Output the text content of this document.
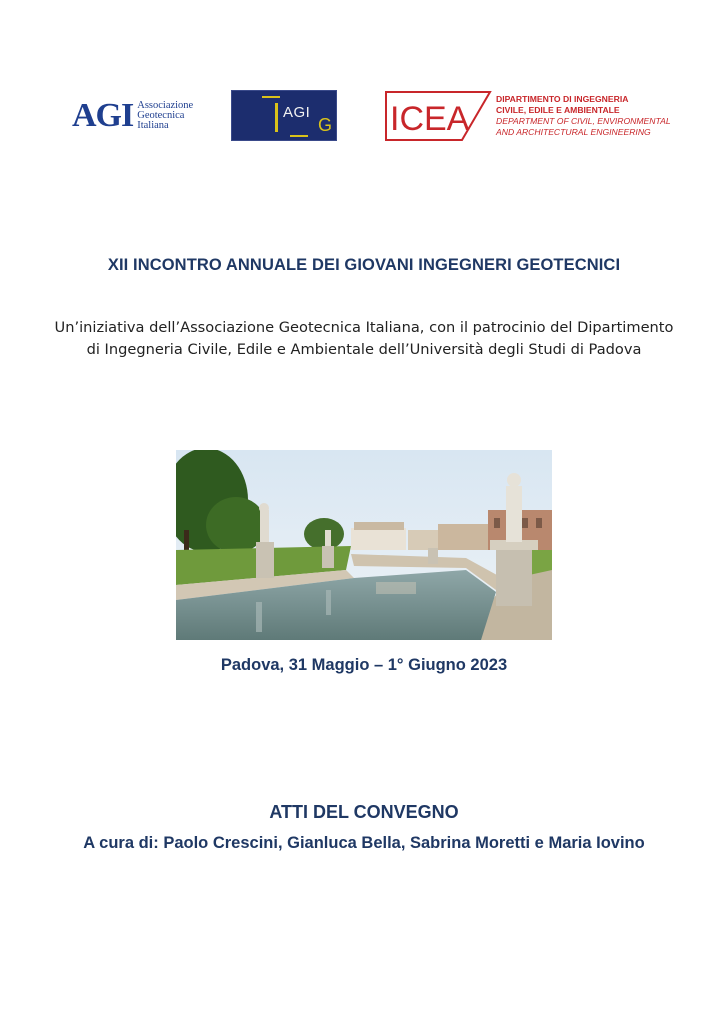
AGI Associazione
Geotecnica
Italiana
AGI
G ICEA
DIPARTIMENTO DI INGEGNERIA
CIVILE, EDILE E AMBIENTALE
DEPARTMENT OF CIVIL, ENVIRONMENTAL
AND ARCHITECTURAL ENGINEERING
XII INCONTRO ANNUALE DEI GIOVANI INGEGNERI GEOTECNICI
Un’iniziativa dell’Associazione Geotecnica Italiana, con il patrocinio del Dipartimento
di Ingegneria Civile, Edile e Ambientale dell’Università degli Studi di Padova
Padova, 31 Maggio – 1° Giugno 2023
ATTI DEL CONVEGNO
A cura di: Paolo Crescini, Gianluca Bella, Sabrina Moretti e Maria Iovino
